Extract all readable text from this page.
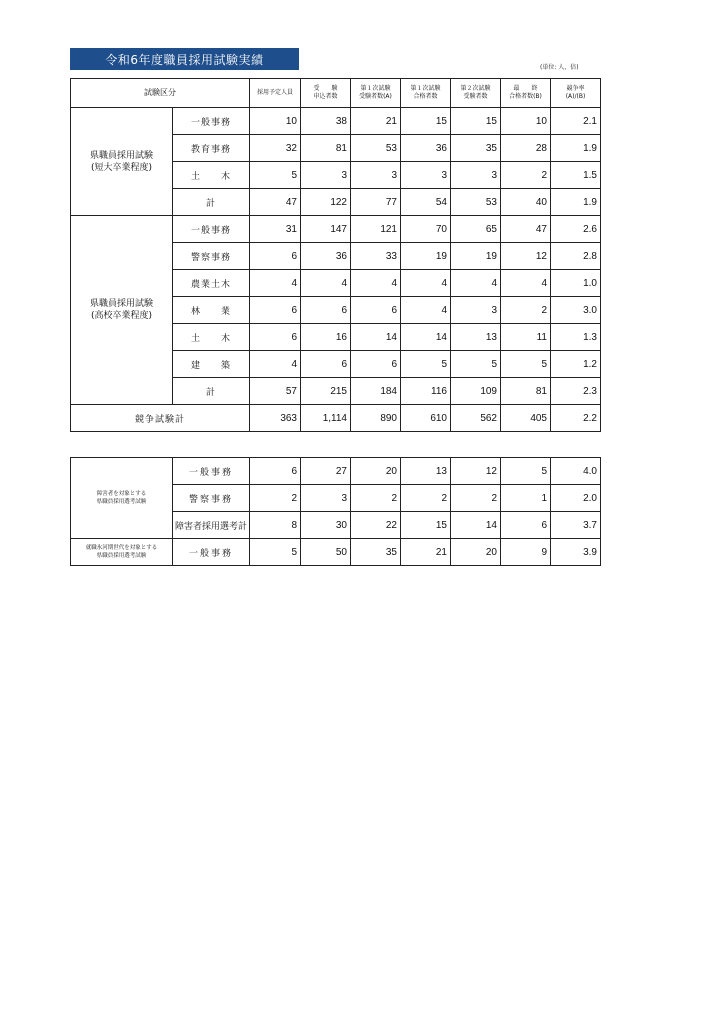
令和6年度職員採用試験実績
(単位: 人、倍)
試験区分		採用予定人員	受　　験
申込者数	第１次試験
受験者数(A)	第１次試験
合格者数	第２次試験
受験者数	最　　終
合格者数(B)	競争率
(A)/(B)
県職員採用試験
(短大卒業程度)	一般事務	10	38	21	15	15	10	2.1
	教育事務	32	81	53	36	35	28	1.9
	土　　木	5	3	3	3	3	2	1.5
	計	47	122	77	54	53	40	1.9
県職員採用試験
(高校卒業程度)	一般事務	31	147	121	70	65	47	2.6
	警察事務	6	36	33	19	19	12	2.8
	農業土木	4	4	4	4	4	4	1.0
	林　　業	6	6	6	4	3	2	3.0
	土　　木	6	16	14	14	13	11	1.3
	建　　築	4	6	6	5	5	5	1.2
	計	57	215	184	116	109	81	2.3
競争試験計		363	1,114	890	610	562	405	2.2
障害者を対象とする
県職員採用選考試験	一般事務	6	27	20	13	12	5	4.0
	警察事務	2	3	2	2	2	1	2.0
	障害者採用選考計	8	30	22	15	14	6	3.7
就職氷河期世代を対象とする
県職員採用選考試験	一般事務	5	50	35	21	20	9	3.9
